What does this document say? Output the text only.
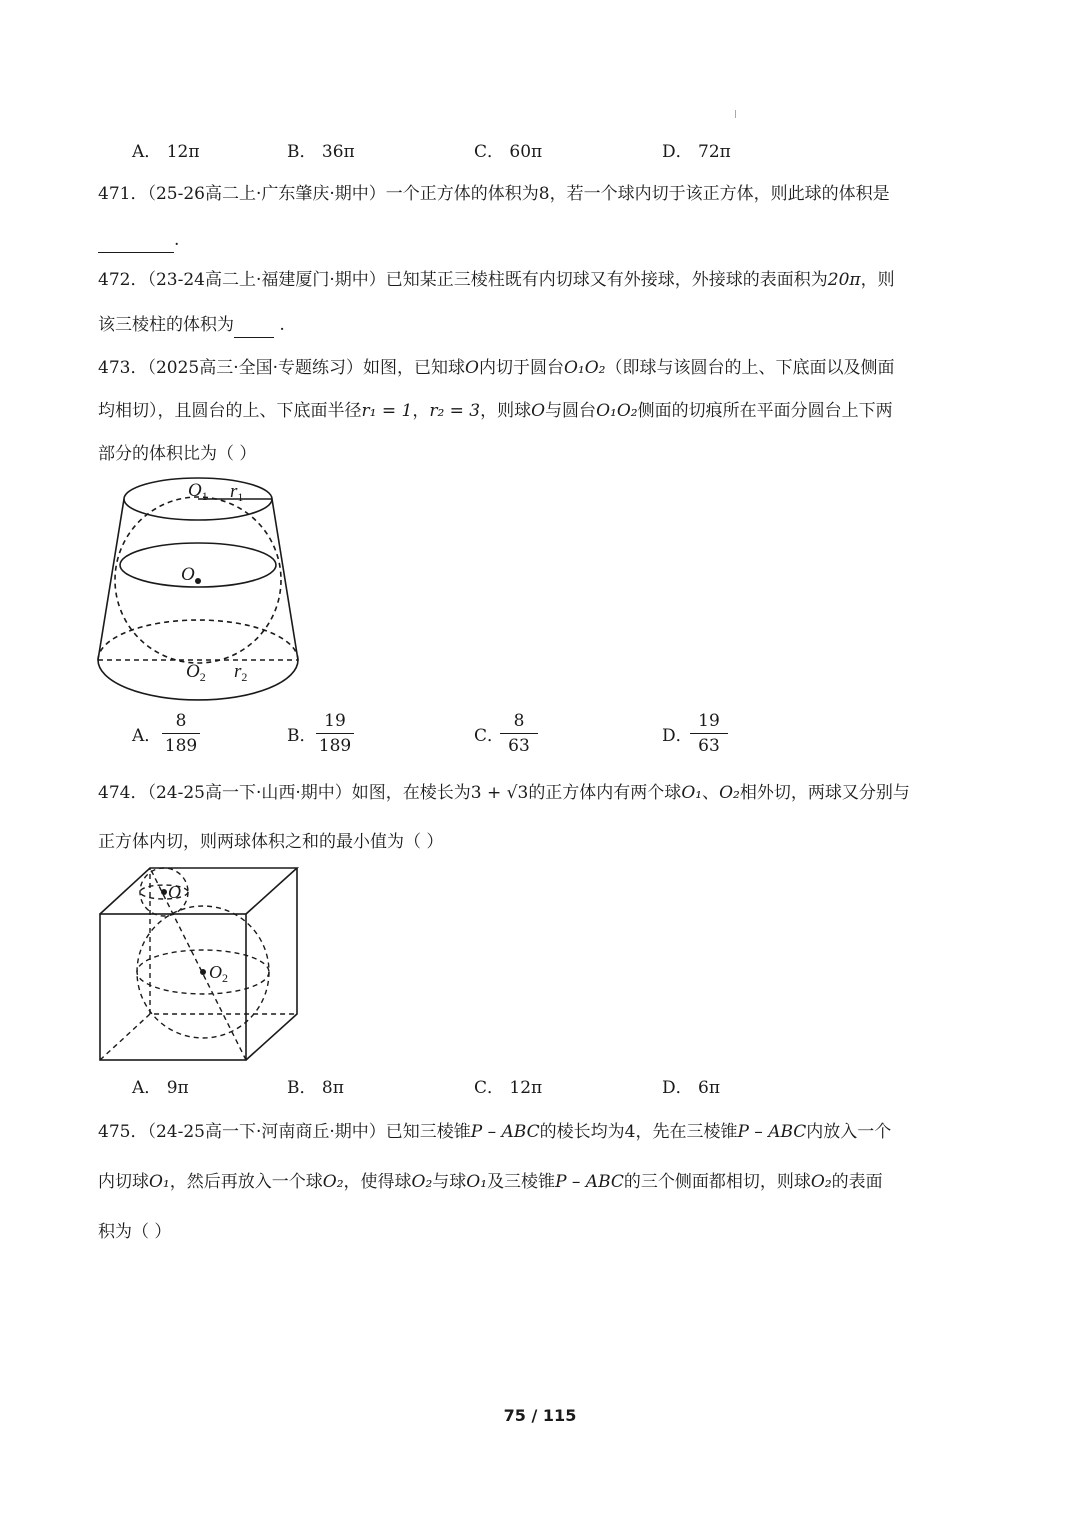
A． 12π	B． 36π	C． 60π	D． 72π
471．（25-26高二上·广东肇庆·期中）一个正方体的体积为8，若一个球内切于该正方体，则此球的体积是
.
472．（23-24高二上·福建厦门·期中）已知某正三棱柱既有内切球又有外接球，外接球的表面积为20π，则
该三棱柱的体积为	.
473．（2025高三·全国·专题练习）如图，已知球O内切于圆台O₁O₂（即球与该圆台的上、下底面以及侧面
均相切），且圆台的上、下底面半径r₁ = 1，r₂ = 3，则球O与圆台O₁O₂侧面的切痕所在平面分圆台上下两
部分的体积比为（ ）
$O_1$ $r_1$
O
$O_2$ $r_2$
A．
8
189	B．
19
189	C．
8
63	D．
19
63
474．（24-25高一下·山西·期中）如图，在棱长为3 + √3的正方体内有两个球O₁、O₂相外切，两球又分别与
正方体内切，则两球体积之和的最小值为（ ）
O
$O_2$
A． 9π	B． 8π	C． 12π	D． 6π
475．（24-25高一下·河南商丘·期中）已知三棱锥P – ABC的棱长均为4，先在三棱锥P – ABC内放入一个
内切球O₁，然后再放入一个球O₂，使得球O₂与球O₁及三棱锥P – ABC的三个侧面都相切，则球O₂的表面
积为（ ）
75 / 115
